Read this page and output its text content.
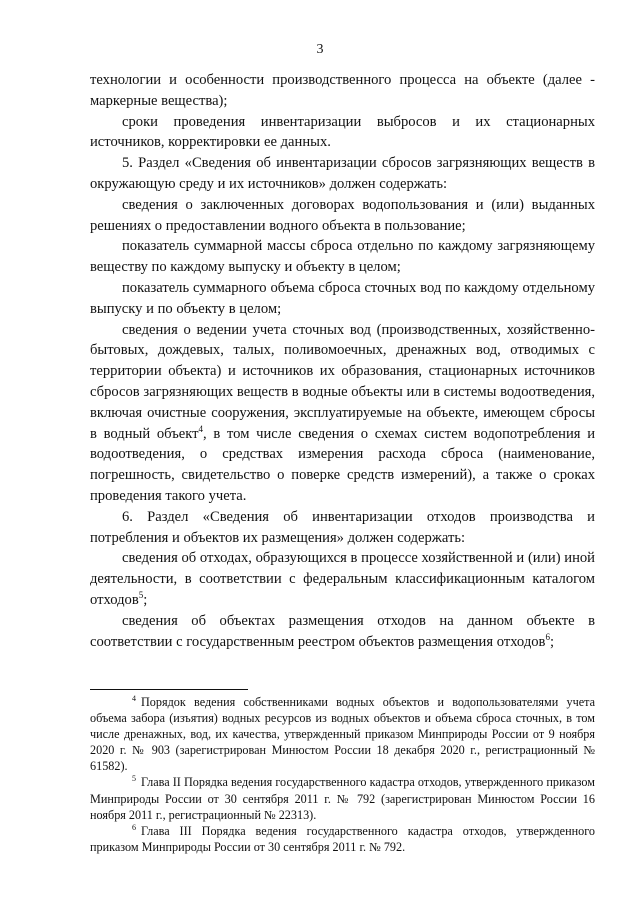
3

технологии и особенности производственного процесса на объекте (далее - маркерные вещества);

сроки проведения инвентаризации выбросов и их стационарных источников, корректировки ее данных.

5. Раздел «Сведения об инвентаризации сбросов загрязняющих веществ в окружающую среду и их источников» должен содержать:

сведения о заключенных договорах водопользования и (или) выданных решениях о предоставлении водного объекта в пользование;

показатель суммарной массы сброса отдельно по каждому загрязняющему веществу по каждому выпуску и объекту в целом;

показатель суммарного объема сброса сточных вод по каждому отдельному выпуску и по объекту в целом;

сведения о ведении учета сточных вод (производственных, хозяйственно-бытовых, дождевых, талых, поливомоечных, дренажных вод, отводимых с территории объекта) и источников их образования, стационарных источников сбросов загрязняющих веществ в водные объекты или в системы водоотведения, включая очистные сооружения, эксплуатируемые на объекте, имеющем сбросы в водный объект$^4$, в том числе сведения о схемах систем водопотребления и водоотведения, о средствах измерения расхода сброса (наименование, погрешность, свидетельство о поверке средств измерений), а также о сроках проведения такого учета.

6. Раздел «Сведения об инвентаризации отходов производства и потребления и объектов их размещения» должен содержать:

сведения об отходах, образующихся в процессе хозяйственной и (или) иной деятельности, в соответствии с федеральным классификационным каталогом отходов$^5$;

сведения об объектах размещения отходов на данном объекте в соответствии с государственным реестром объектов размещения отходов$^6$;

$^4$ Порядок ведения собственниками водных объектов и водопользователями учета объема забора (изъятия) водных ресурсов из водных объектов и объема сброса сточных, в том числе дренажных, вод, их качества, утвержденный приказом Минприроды России от 9 ноября 2020 г. № 903 (зарегистрирован Минюстом России 18 декабря 2020 г., регистрационный № 61582).

$^5$ Глава II Порядка ведения государственного кадастра отходов, утвержденного приказом Минприроды России от 30 сентября 2011 г. № 792 (зарегистрирован Минюстом России 16 ноября 2011 г., регистрационный № 22313).

$^6$ Глава III Порядка ведения государственного кадастра отходов, утвержденного приказом Минприроды России от 30 сентября 2011 г. № 792.
